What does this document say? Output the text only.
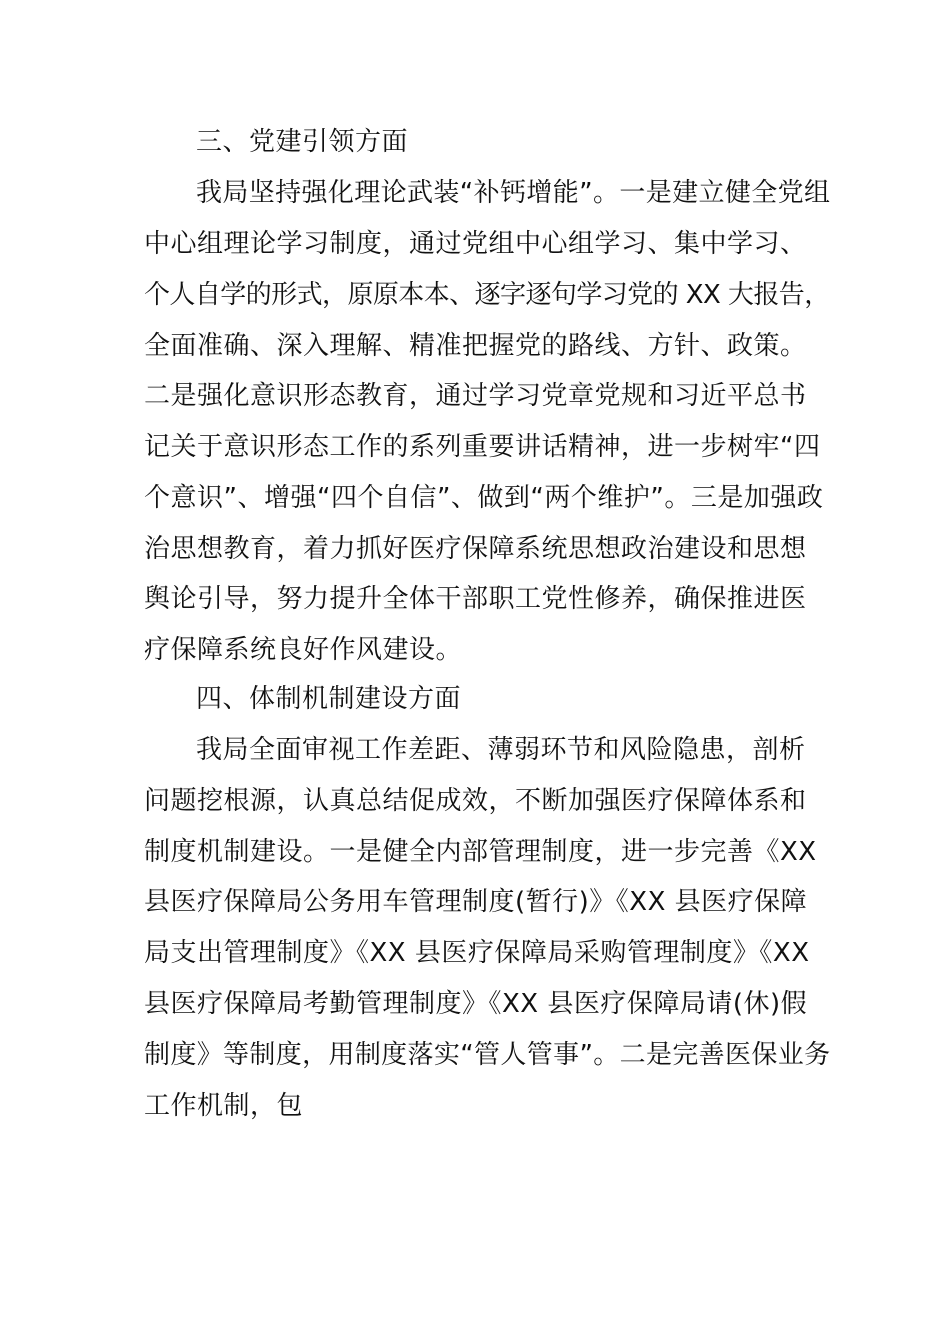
三、党建引领方面

我局坚持强化理论武装“补钙增能”。一是建立健全党组

中心组理论学习制度，通过党组中心组学习、集中学习、

个人自学的形式，原原本本、逐字逐句学习党的 XX 大报告，

全面准确、深入理解、精准把握党的路线、方针、政策。

二是强化意识形态教育，通过学习党章党规和习近平总书

记关于意识形态工作的系列重要讲话精神，进一步树牢“四

个意识”、增强“四个自信”、做到“两个维护”。三是加强政

治思想教育，着力抓好医疗保障系统思想政治建设和思想

舆论引导，努力提升全体干部职工党性修养，确保推进医

疗保障系统良好作风建设。

四、体制机制建设方面

我局全面审视工作差距、薄弱环节和风险隐患，剖析

问题挖根源，认真总结促成效，不断加强医疗保障体系和

制度机制建设。一是健全内部管理制度，进一步完善《XX

县医疗保障局公务用车管理制度(暂行)》《XX 县医疗保障

局支出管理制度》《XX 县医疗保障局采购管理制度》《XX

县医疗保障局考勤管理制度》《XX 县医疗保障局请(休)假

制度》等制度，用制度落实“管人管事”。二是完善医保业务

工作机制，包
